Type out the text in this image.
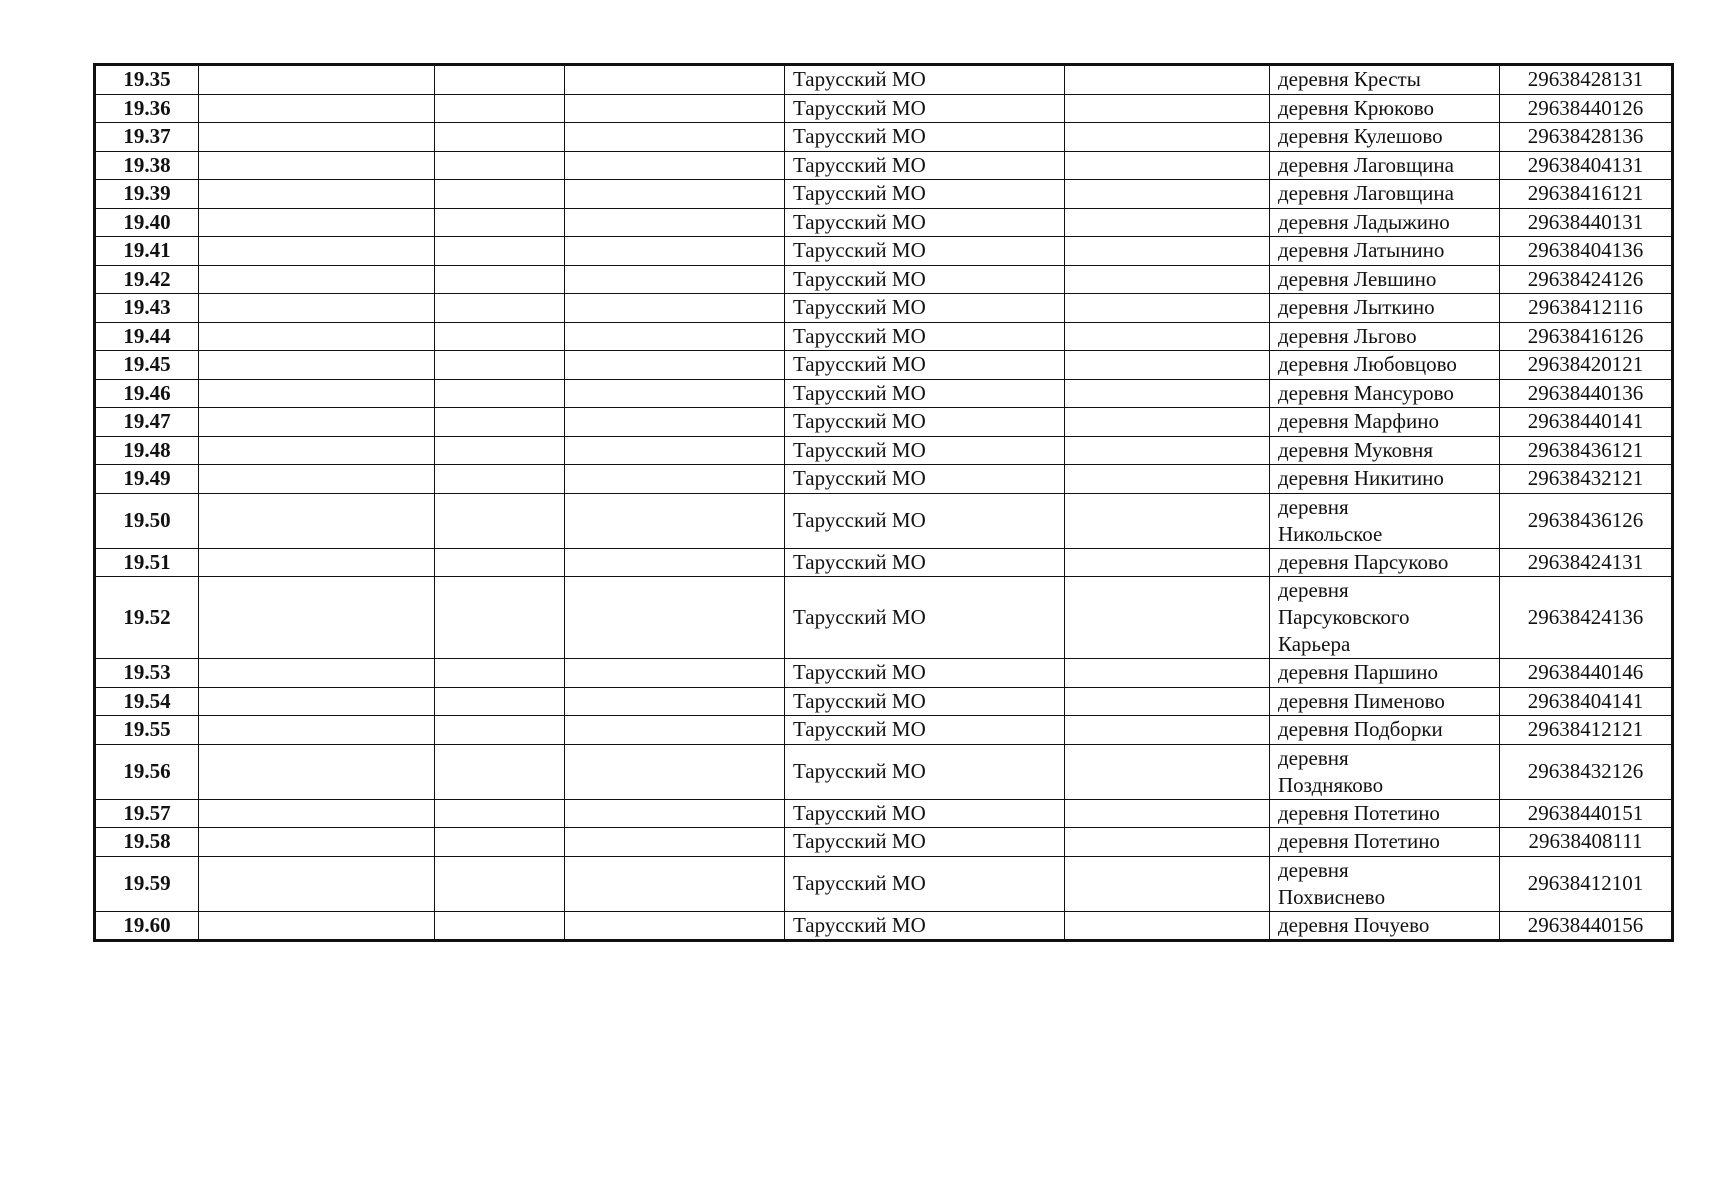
19.35				Тарусский МО		деревня Кресты	29638428131
19.36				Тарусский МО		деревня Крюково	29638440126
19.37				Тарусский МО		деревня Кулешово	29638428136
19.38				Тарусский МО		деревня Лаговщина	29638404131
19.39				Тарусский МО		деревня Лаговщина	29638416121
19.40				Тарусский МО		деревня Ладыжино	29638440131
19.41				Тарусский МО		деревня Латынино	29638404136
19.42				Тарусский МО		деревня Левшино	29638424126
19.43				Тарусский МО		деревня Лыткино	29638412116
19.44				Тарусский МО		деревня Льгово	29638416126
19.45				Тарусский МО		деревня Любовцово	29638420121
19.46				Тарусский МО		деревня Мансурово	29638440136
19.47				Тарусский МО		деревня Марфино	29638440141
19.48				Тарусский МО		деревня Муковня	29638436121
19.49				Тарусский МО		деревня Никитино	29638432121
19.50				Тарусский МО		деревня
Никольское	29638436126
19.51				Тарусский МО		деревня Парсуково	29638424131
19.52				Тарусский МО		деревня
Парсуковского
Карьера	29638424136
19.53				Тарусский МО		деревня Паршино	29638440146
19.54				Тарусский МО		деревня Пименово	29638404141
19.55				Тарусский МО		деревня Подборки	29638412121
19.56				Тарусский МО		деревня
Поздняково	29638432126
19.57				Тарусский МО		деревня Потетино	29638440151
19.58				Тарусский МО		деревня Потетино	29638408111
19.59				Тарусский МО		деревня
Похвисневo	29638412101
19.60				Тарусский МО		деревня Почуево	29638440156
